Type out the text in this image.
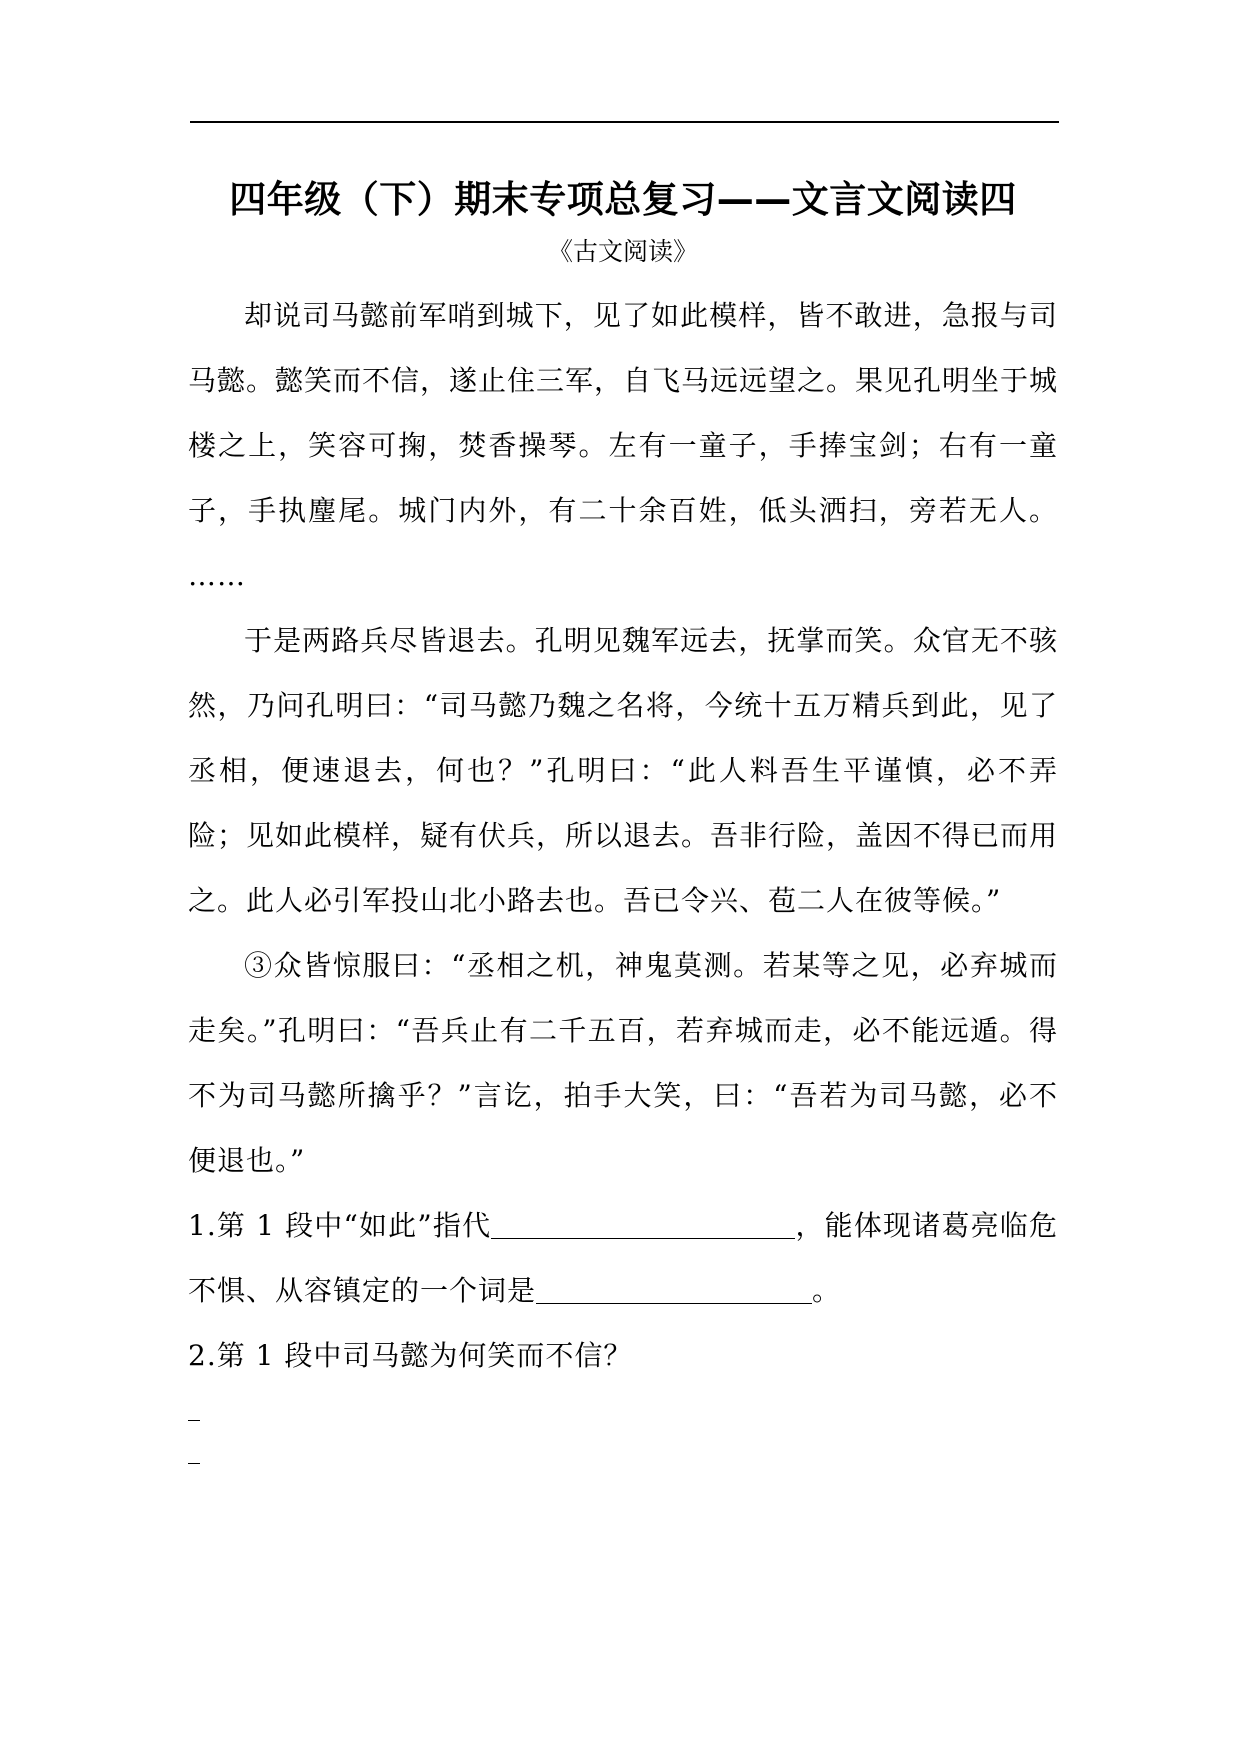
四年级（下）期末专项总复习——文言文阅读四

《古文阅读》

却说司马懿前军哨到城下，见了如此模样，皆不敢进，急报与司马懿。懿笑而不信，遂止住三军，自飞马远远望之。果见孔明坐于城楼之上，笑容可掬，焚香操琴。左有一童子，手捧宝剑；右有一童子，手执麈尾。城门内外，有二十余百姓，低头洒扫，旁若无人。 ……

于是两路兵尽皆退去。孔明见魏军远去，抚掌而笑。众官无不骇然，乃问孔明曰：“司马懿乃魏之名将，今统十五万精兵到此，见了丞相，便速退去，何也？”孔明曰：“此人料吾生平谨慎，必不弄险；见如此模样，疑有伏兵，所以退去。吾非行险，盖因不得已而用之。此人必引军投山北小路去也。吾已令兴、苞二人在彼等候。”

③众皆惊服曰：“丞相之机，神鬼莫测。若某等之见，必弃城而走矣。”孔明曰：“吾兵止有二千五百，若弃城而走，必不能远遁。得不为司马懿所擒乎？”言讫，拍手大笑，曰：“吾若为司马懿，必不便退也。”

1.第 1 段中“如此”指代	，能体现诸葛亮临危不惧、从容镇定的一个词是	。

2.第 1 段中司马懿为何笑而不信？
